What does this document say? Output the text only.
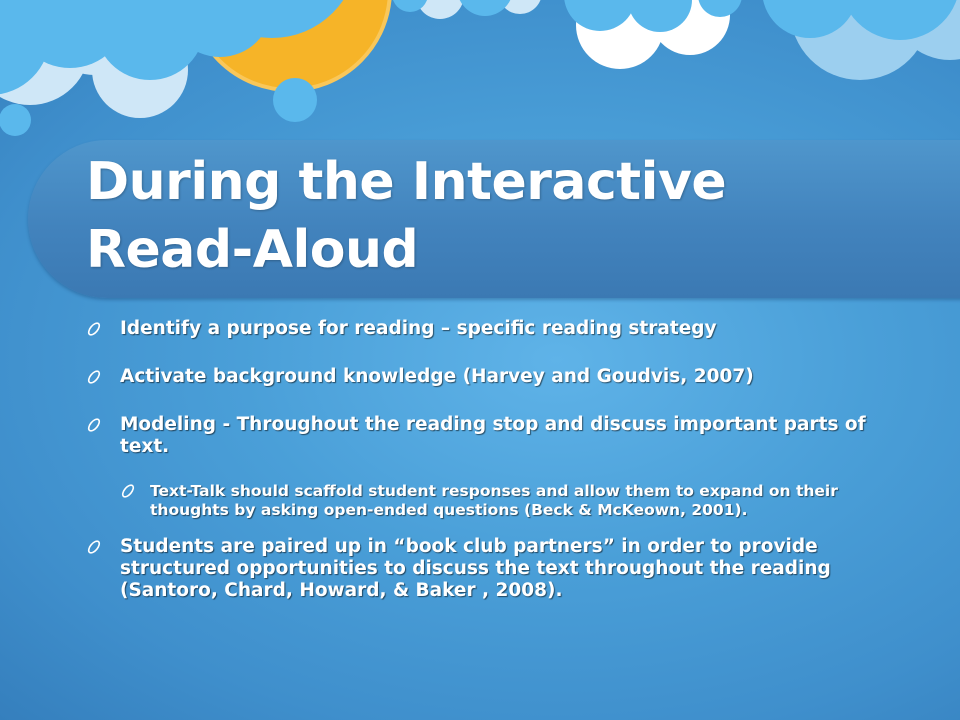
During the Interactive Read-Aloud
Identify a purpose for reading – specific reading strategy
Activate background knowledge (Harvey and Goudvis, 2007)
Modeling - Throughout the reading stop and discuss important parts of text.
Text-Talk should scaffold student responses and allow them to expand on their thoughts by asking open-ended questions (Beck & McKeown, 2001).
Students are paired up in “book club partners” in order to provide structured opportunities to discuss the text throughout the reading (Santoro, Chard, Howard, & Baker , 2008).
